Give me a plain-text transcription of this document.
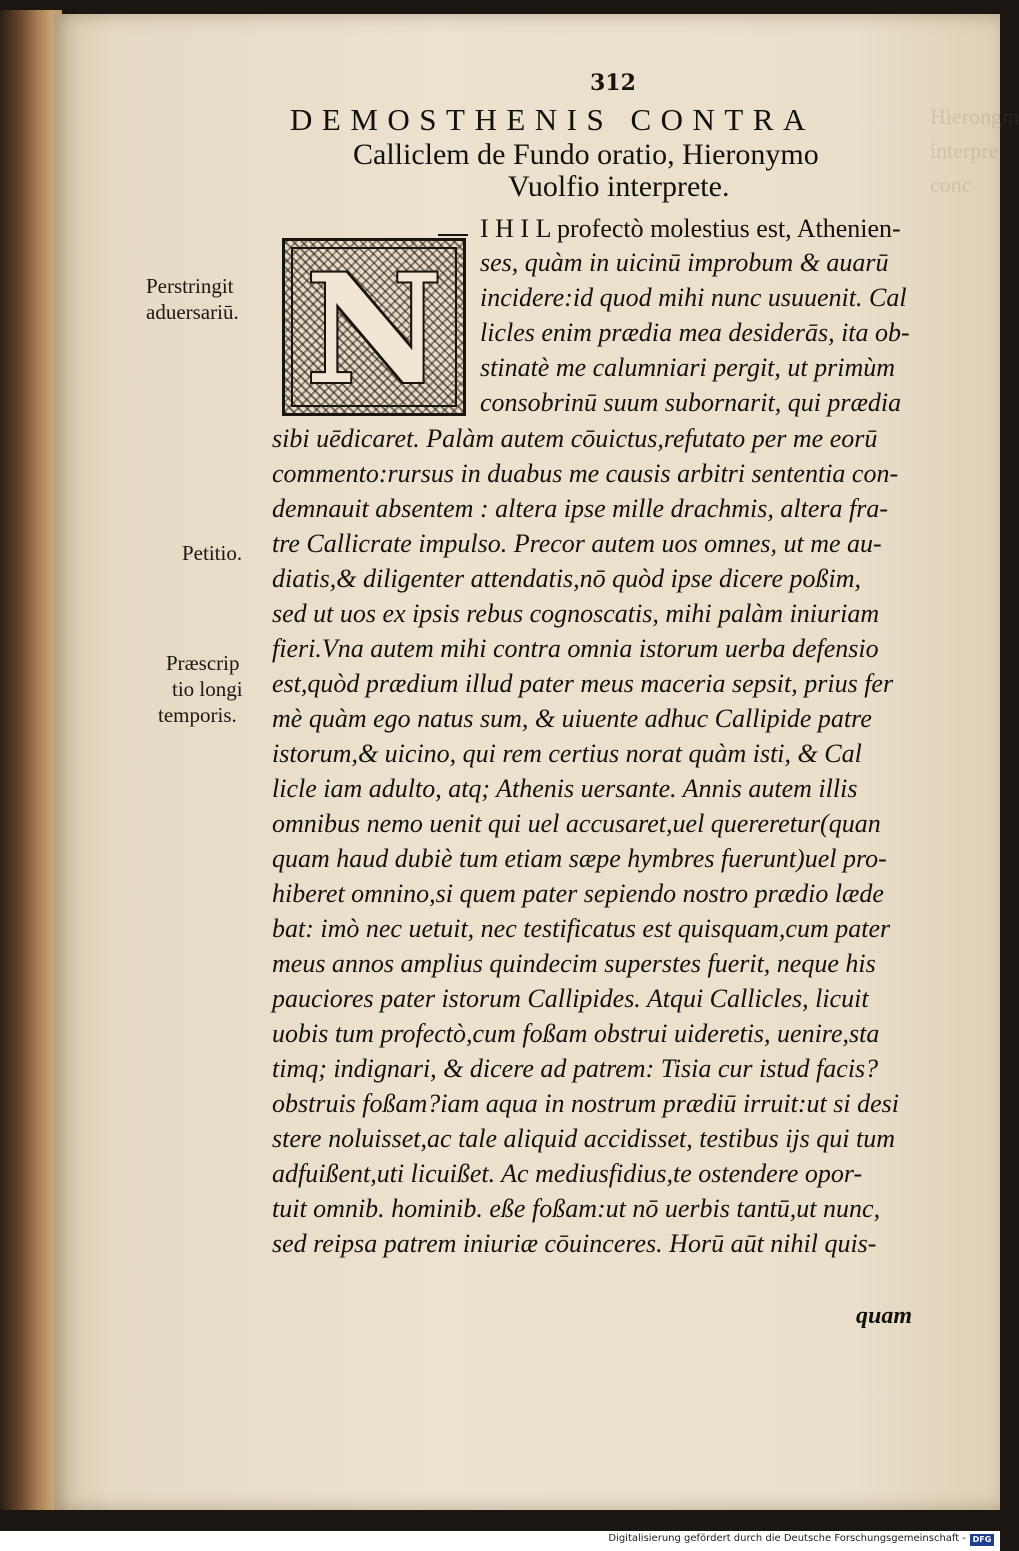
Hierongm
interpre
conc
312
DEMOSTHENIS CONTRA
Calliclem de Fundo oratio, Hieronymo
Vuolfio interprete.
N
Perstringit
aduersariū.
Petitio.
Præscrip
tio longi
temporis.
I H I L profectò molestius est, Athenien-
ses, quàm in uicinū improbum & auarū
incidere:id quod mihi nunc usuuenit. Cal
licles enim prædia mea desiderās, ita ob-
stinatè me calumniari pergit, ut primùm
consobrinū suum subornarit, qui prædia
sibi uēdicaret. Palàm autem cōuictus,refutato per me eorū
commento:rursus in duabus me causis arbitri sententia con-
demnauit absentem : altera ipse mille drachmis, altera fra-
tre Callicrate impulso. Precor autem uos omnes, ut me au-
diatis,& diligenter attendatis,nō quòd ipse dicere poßim,
sed ut uos ex ipsis rebus cognoscatis, mihi palàm iniuriam
fieri.Vna autem mihi contra omnia istorum uerba defensio
est,quòd prædium illud pater meus maceria sepsit, prius fer
mè quàm ego natus sum, & uiuente adhuc Callipide patre
istorum,& uicino, qui rem certius norat quàm isti, & Cal
licle iam adulto, atq; Athenis uersante. Annis autem illis
omnibus nemo uenit qui uel accusaret,uel quereretur(quan
quam haud dubiè tum etiam sæpe hymbres fuerunt)uel pro-
hiberet omnino,si quem pater sepiendo nostro prædio læde
bat: imò nec uetuit, nec testificatus est quisquam,cum pater
meus annos amplius quindecim superstes fuerit, neque his
pauciores pater istorum Callipides. Atqui Callicles, licuit
uobis tum profectò,cum foßam obstrui uideretis, uenire,sta
timq; indignari, & dicere ad patrem: Tisia cur istud facis?
obstruis foßam?iam aqua in nostrum prædiū irruit:ut si desi
stere noluisset,ac tale aliquid accidisset, testibus ijs qui tum
adfuißent,uti licuißet. Ac mediusfidius,te ostendere opor-
tuit omnib. hominib. eße foßam:ut nō uerbis tantū,ut nunc,
sed reipsa patrem iniuriæ cōuinceres. Horū aūt nihil quis-
quam
Digitalisierung gefördert durch die Deutsche Forschungsgemeinschaft - DFG
